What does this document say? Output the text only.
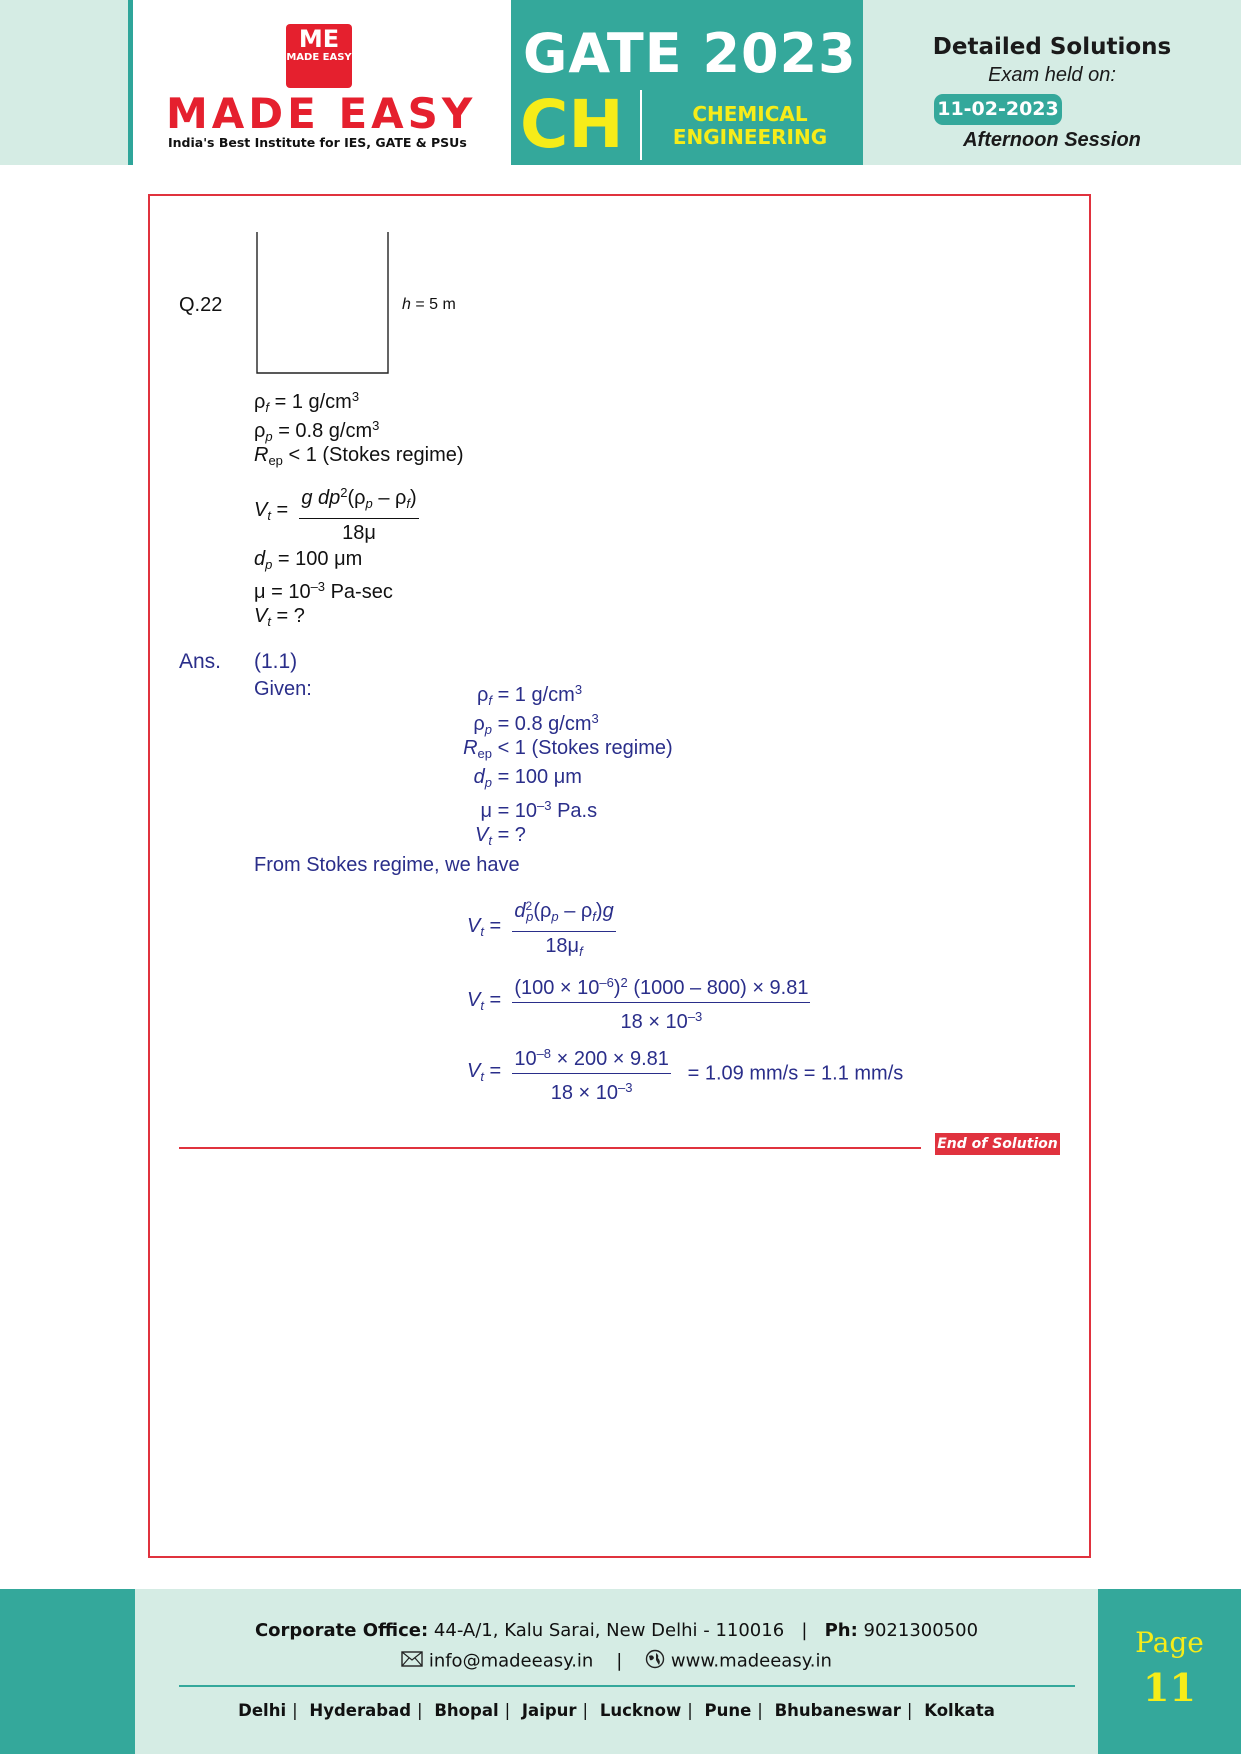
ME
MADE EASY
MADE EASY
India's Best Institute for IES, GATE & PSUs
GATE 2023
CH	CHEMICAL
ENGINEERING
Detailed Solutions
Exam held on:
11-02-2023
Afternoon Session
Q.22	h = 5 m
$\rho_f = 1$ $g/cm^3$
$\rho_p = 0.8$ $g/cm^3$
$R_{ep} < 1$ (Stokes regime)
$V_t = \frac{g dp^2(\rho_p - \rho_f)}{18\mu}$
$d_p = 100$ μm
$\mu = 10^{-3}$ Pa-sec
$V_t$ = ?
Ans. (1.1)
Given:	$\rho_f = 1$ $g/cm^3$
$\rho_p = 0.8$ $g/cm^3$
$R_{ep} < 1$ (Stokes regime)
$d_p = 100$ μm
$\mu = 10^{-3}$ Pa.s
$V_t$ = ?
From Stokes regime, we have
$V_t = \frac{d^2_p(\rho_p - \rho_f)g}{18\mu_f}$
$V_t = \frac{(100 \times 10^{-6})^2 (1000 - 800) \times 9.81}{18 \times 10^{-3}}$
$V_t = \frac{10^{-8} \times 200 \times 9.81}{18 \times 10^{-3}} = 1.09$ mm/s = 1.1 mm/s
End of Solution
Corporate Office: 44-A/1, Kalu Sarai, New Delhi - 110016   |   Ph: 9021300500
info@madeeasy.in    |     www.madeeasy.in
Delhi | Hyderabad | Bhopal | Jaipur | Lucknow | Pune | Bhubaneswar | Kolkata
Page
11
